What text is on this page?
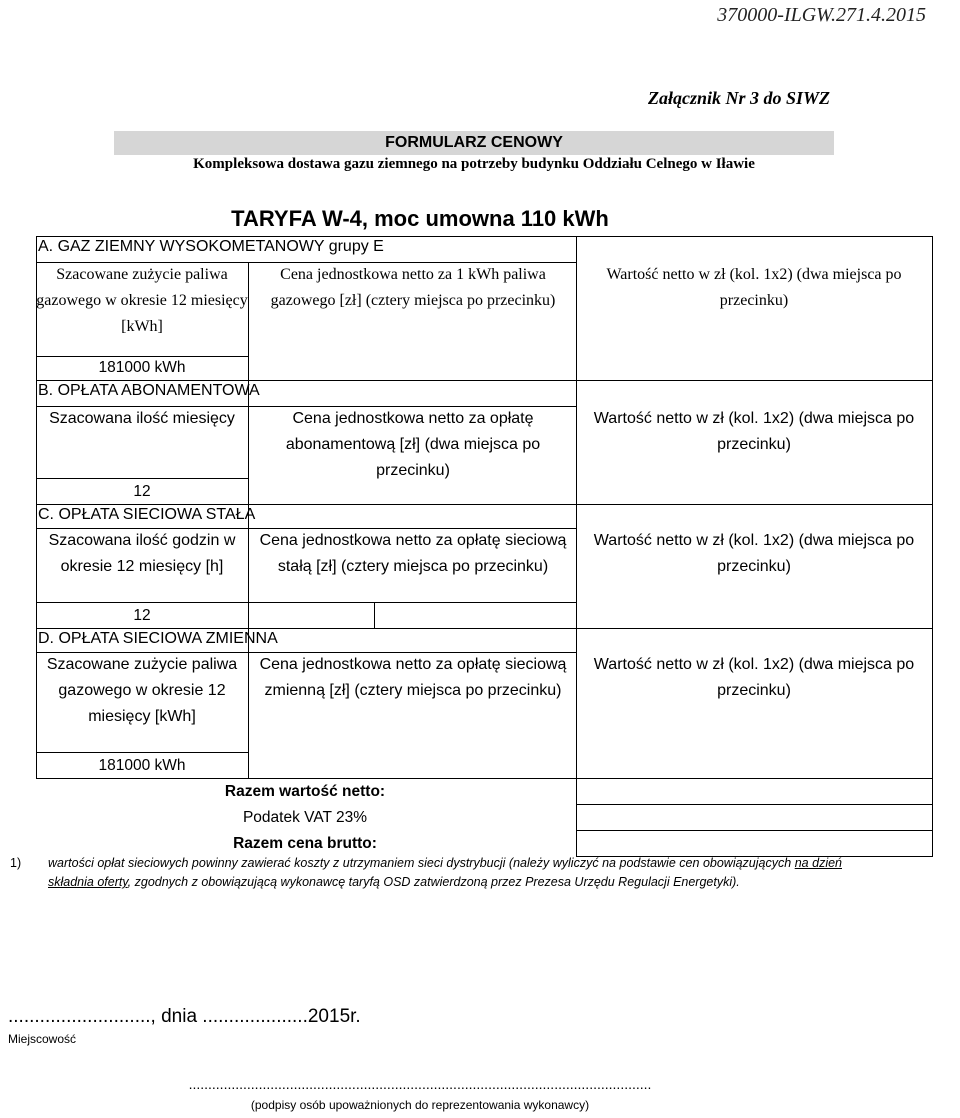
370000-ILGW.271.4.2015
Załącznik Nr 3 do SIWZ
FORMULARZ CENOWY
Kompleksowa dostawa gazu ziemnego na potrzeby budynku Oddziału Celnego w Iławie
TARYFA W-4, moc umowna 110 kWh
A. GAZ ZIEMNY WYSOKOMETANOWY grupy E
Szacowane zużycie paliwa gazowego w okresie 12 miesięcy [kWh]
Cena jednostkowa netto za 1 kWh paliwa gazowego [zł] (cztery miejsca po przecinku)
Wartość netto w zł (kol. 1x2) (dwa miejsca po przecinku)
181000 kWh
B. OPŁATA ABONAMENTOWA
Szacowana ilość miesięcy	Cena jednostkowa netto za opłatę abonamentową [zł] (dwa miejsca po przecinku)
Wartość netto w zł (kol. 1x2) (dwa miejsca po przecinku)
12
C. OPŁATA SIECIOWA STAŁA
Szacowana ilość godzin w okresie 12 miesięcy [h]
Cena jednostkowa netto za opłatę sieciową stałą [zł] (cztery miejsca po przecinku)
Wartość netto w zł (kol. 1x2) (dwa miejsca po przecinku)
12
D. OPŁATA SIECIOWA ZMIENNA
Szacowane zużycie paliwa gazowego w okresie 12 miesięcy [kWh]
Cena jednostkowa netto za opłatę sieciową zmienną [zł] (cztery miejsca po przecinku)
Wartość netto w zł (kol. 1x2) (dwa miejsca po przecinku)
181000 kWh
Razem wartość netto:
Podatek VAT 23%
Razem cena brutto:
1) wartości opłat sieciowych powinny zawierać koszty z utrzymaniem sieci dystrybucji (należy wyliczyć na podstawie cen obowiązujących na dzień składnia oferty, zgodnych z obowiązującą wykonawcę taryfą OSD zatwierdzoną przez Prezesa Urzędu Regulacji Energetyki).
..........................., dnia ....................2015r.
Miejscowość
.......................................................................................................................
(podpisy osób upoważnionych do reprezentowania wykonawcy)
